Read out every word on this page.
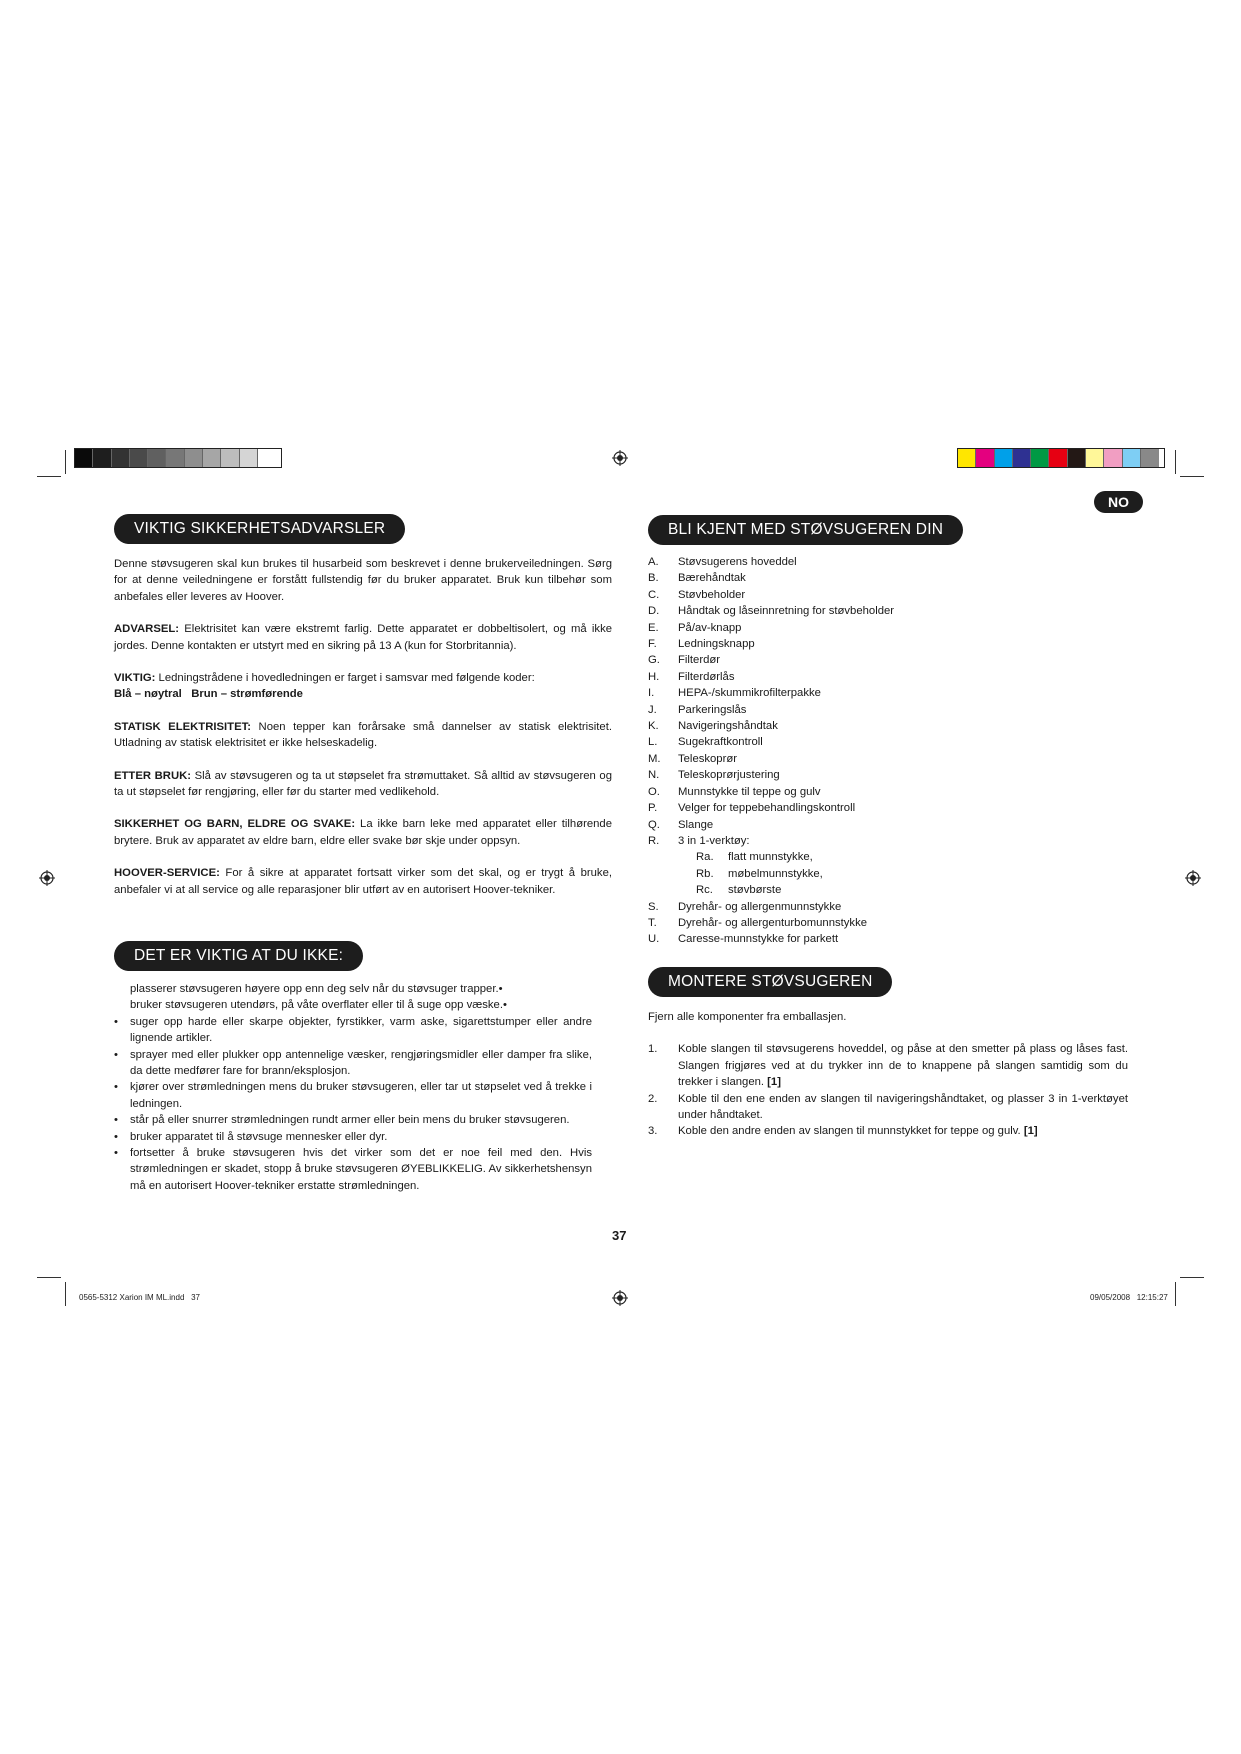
NO
VIKTIG SIKKERHETSADVARSLER

Denne støvsugeren skal kun brukes til husarbeid som beskrevet i denne brukerveiledningen. Sørg for at denne veiledningene er forstått fullstendig før du bruker apparatet. Bruk kun tilbehør som anbefales eller leveres av Hoover.

ADVARSEL: Elektrisitet kan være ekstremt farlig. Dette apparatet er dobbeltisolert, og må ikke jordes. Denne kontakten er utstyrt med en sikring på 13 A (kun for Storbritannia).

VIKTIG: Ledningstrådene i hovedledningen er farget i samsvar med følgende koder:
Blå – nøytral   Brun – strømførende

STATISK ELEKTRISITET: Noen tepper kan forårsake små dannelser av statisk elektrisitet. Utladning av statisk elektrisitet er ikke helseskadelig.

ETTER BRUK: Slå av støvsugeren og ta ut støpselet fra strømuttaket. Så alltid av støvsugeren og ta ut støpselet før rengjøring, eller før du starter med vedlikehold.

SIKKERHET OG BARN, ELDRE OG SVAKE: La ikke barn leke med apparatet eller tilhørende brytere. Bruk av apparatet av eldre barn, eldre eller svake bør skje under oppsyn.

HOOVER-SERVICE: For å sikre at apparatet fortsatt virker som det skal, og er trygt å bruke, anbefaler vi at all service og alle reparasjoner blir utført av en autorisert Hoover-tekniker.

DET ER VIKTIG AT DU IKKE:
plasserer støvsugeren høyere opp enn deg selv når du støvsuger trapper.•
bruker støvsugeren utendørs, på våte overflater eller til å suge opp væske.•
• suger opp harde eller skarpe objekter, fyrstikker, varm aske, sigarettstumper eller andre lignende artikler.
• sprayer med eller plukker opp antennelige væsker, rengjøringsmidler eller damper fra slike, da dette medfører fare for brann/eksplosjon.
• kjører over strømledningen mens du bruker støvsugeren, eller tar ut støpselet ved å trekke i ledningen.
• står på eller snurrer strømledningen rundt armer eller bein mens du bruker støvsugeren.
• bruker apparatet til å støvsuge mennesker eller dyr.
• fortsetter å bruke støvsugeren hvis det virker som det er noe feil med den. Hvis strømledningen er skadet, stopp å bruke støvsugeren ØYEBLIKKELIG. Av sikkerhetshensyn må en autorisert Hoover-tekniker erstatte strømledningen.
BLI KJENT MED STØVSUGEREN DIN
A.	Støvsugerens hoveddel
B.	Bærehåndtak
C.	Støvbeholder
D.	Håndtak og låseinnretning for støvbeholder
E.	På/av-knapp
F.	Ledningsknapp
G.	Filterdør
H.	Filterdørlås
I.	HEPA-/skummikrofilterpakke
J.	Parkeringslås
K.	Navigeringshåndtak
L.	Sugekraftkontroll
M.	Teleskoprør
N.	Teleskoprørjustering
O.	Munnstykke til teppe og gulv
P.	Velger for teppebehandlingskontroll
Q.	Slange
R.	3 in 1-verktøy:
Ra.	flatt munnstykke,
Rb.	møbelmunnstykke,
Rc.	støvbørste
S.	Dyrehår- og allergenmunnstykke
T.	Dyrehår- og allergenturbomunnstykke
U.	Caresse-munnstykke for parkett
MONTERE STØVSUGEREN

Fjern alle komponenter fra emballasjen.

1.	Koble slangen til støvsugerens hoveddel, og påse at den smetter på plass og låses fast. Slangen frigjøres ved at du trykker inn de to knappene på slangen samtidig som du trekker i slangen. [1]
2.	Koble til den ene enden av slangen til navigeringshåndtaket, og plasser 3 in 1-verktøyet under håndtaket.
3.	Koble den andre enden av slangen til munnstykket for teppe og gulv. [1]
37
0565-5312 Xarion IM ML.indd   37	09/05/2008   12:15:27
